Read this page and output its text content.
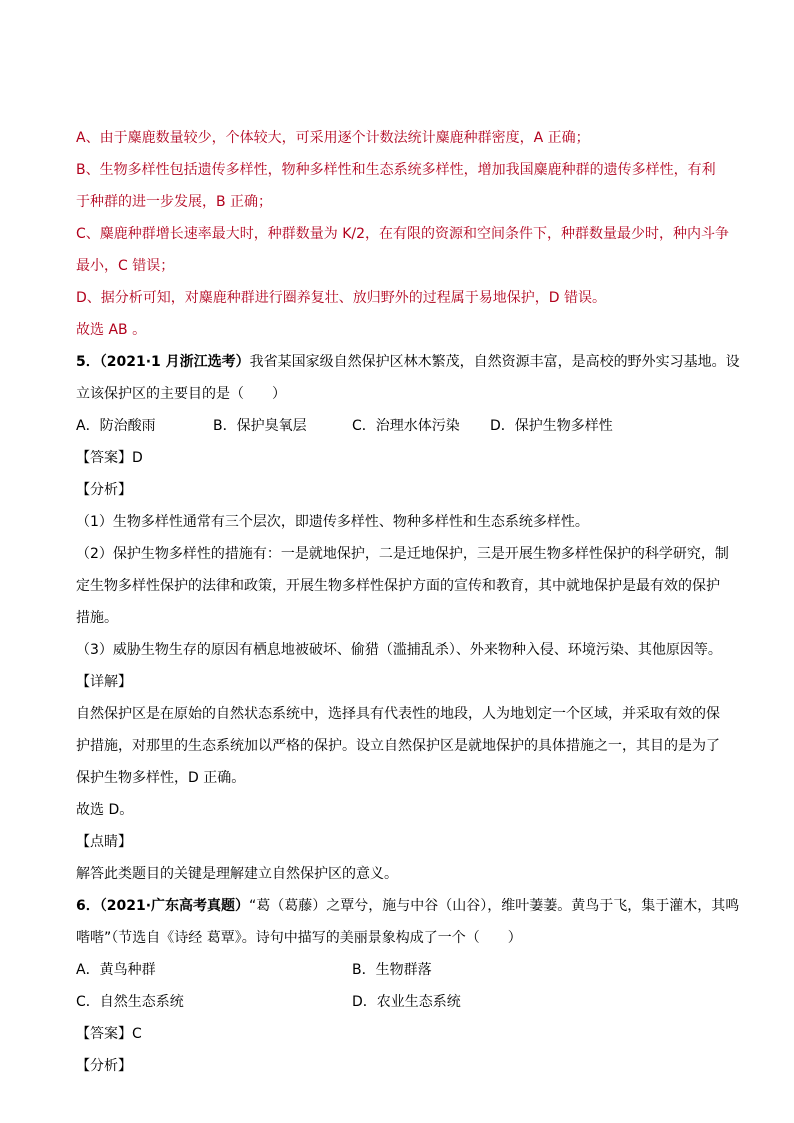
A、由于麋鹿数量较少，个体较大，可采用逐个计数法统计麋鹿种群密度，A 正确；
B、生物多样性包括遗传多样性，物种多样性和生态系统多样性，增加我国麋鹿种群的遗传多样性，有利
于种群的进一步发展，B 正确；
C、麋鹿种群增长速率最大时，种群数量为 K/2，在有限的资源和空间条件下，种群数量最少时，种内斗争
最小，C 错误；
D、据分析可知，对麋鹿种群进行圈养复壮、放归野外的过程属于易地保护，D 错误。
故选 AB 。
5．（2021·1 月浙江选考）我省某国家级自然保护区林木繁茂，自然资源丰富，是高校的野外实习基地。设
立该保护区的主要目的是（　　）
A．防治酸雨	B．保护臭氧层	C．治理水体污染 D．保护生物多样性
【答案】D
【分析】
（1）生物多样性通常有三个层次，即遗传多样性、物种多样性和生态系统多样性。
（2）保护生物多样性的措施有：一是就地保护，二是迁地保护，三是开展生物多样性保护的科学研究，制
定生物多样性保护的法律和政策，开展生物多样性保护方面的宣传和教育，其中就地保护是最有效的保护
措施。
（3）威胁生物生存的原因有栖息地被破坏、偷猎（滥捕乱杀）、外来物种入侵、环境污染、其他原因等。
【详解】
自然保护区是在原始的自然状态系统中，选择具有代表性的地段，人为地划定一个区域，并采取有效的保
护措施，对那里的生态系统加以严格的保护。设立自然保护区是就地保护的具体措施之一，其目的是为了
保护生物多样性，D 正确。
故选 D。
【点睛】
解答此类题目的关键是理解建立自然保护区的意义。
6．（2021·广东高考真题）“葛（葛藤）之覃兮，施与中谷（山谷），维叶萋萋。黄鸟于飞，集于灌木，其鸣
喈喈”（节选自《诗经 葛覃》。诗句中描写的美丽景象构成了一个（　　）
A．黄鸟种群	B．生物群落
C．自然生态系统	D．农业生态系统
【答案】C
【分析】
